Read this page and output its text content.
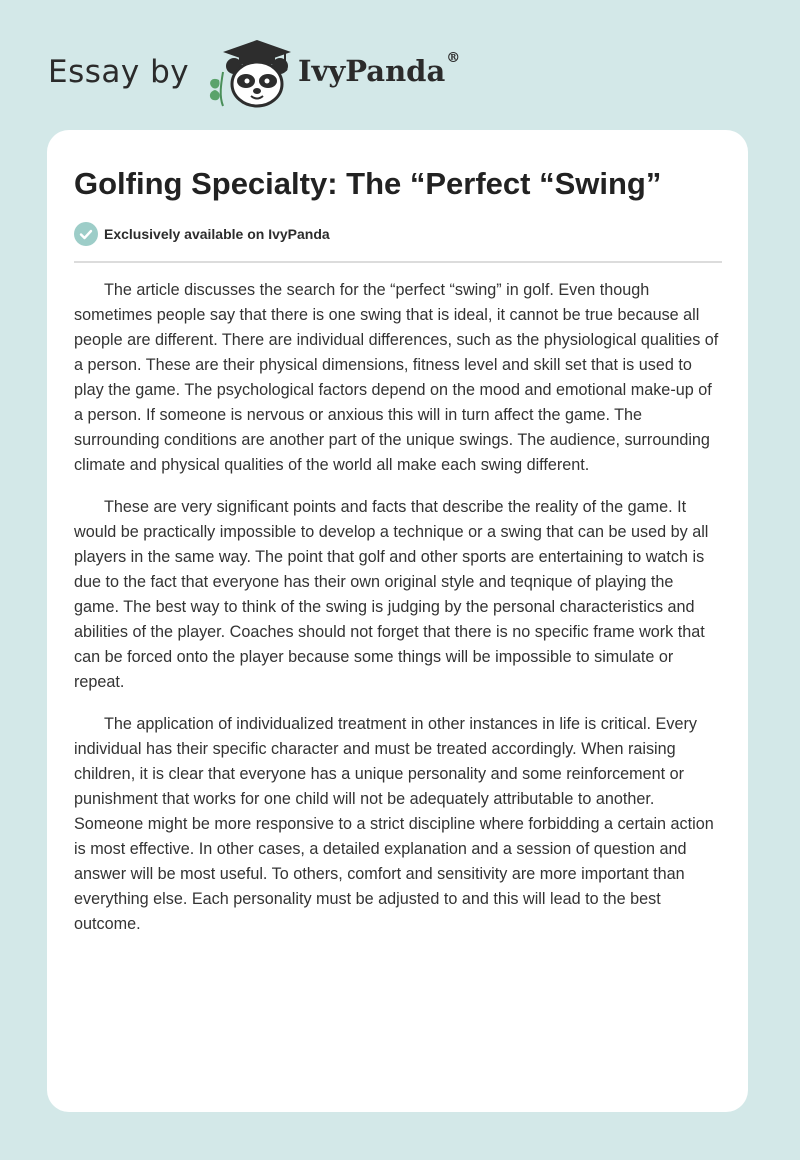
Essay by	IvyPanda®
Golfing Specialty: The “Perfect “Swing”
Exclusively available on IvyPanda

The article discusses the search for the “perfect “swing” in golf. Even though sometimes people say that there is one swing that is ideal, it cannot be true because all people are different. There are individual differences, such as the physiological qualities of a person. These are their physical dimensions, fitness level and skill set that is used to play the game. The psychological factors depend on the mood and emotional make-up of a person. If someone is nervous or anxious this will in turn affect the game. The surrounding conditions are another part of the unique swings. The audience, surrounding climate and physical qualities of the world all make each swing different.

These are very significant points and facts that describe the reality of the game. It would be practically impossible to develop a technique or a swing that can be used by all players in the same way. The point that golf and other sports are entertaining to watch is due to the fact that everyone has their own original style and teqnique of playing the game. The best way to think of the swing is judging by the personal characteristics and abilities of the player. Coaches should not forget that there is no specific frame work that can be forced onto the player because some things will be impossible to simulate or repeat.

The application of individualized treatment in other instances in life is critical. Every individual has their specific character and must be treated accordingly. When raising children, it is clear that everyone has a unique personality and some reinforcement or punishment that works for one child will not be adequately attributable to another. Someone might be more responsive to a strict discipline where forbidding a certain action is most effective. In other cases, a detailed explanation and a session of question and answer will be most useful. To others, comfort and sensitivity are more important than everything else. Each personality must be adjusted to and this will lead to the best outcome.
